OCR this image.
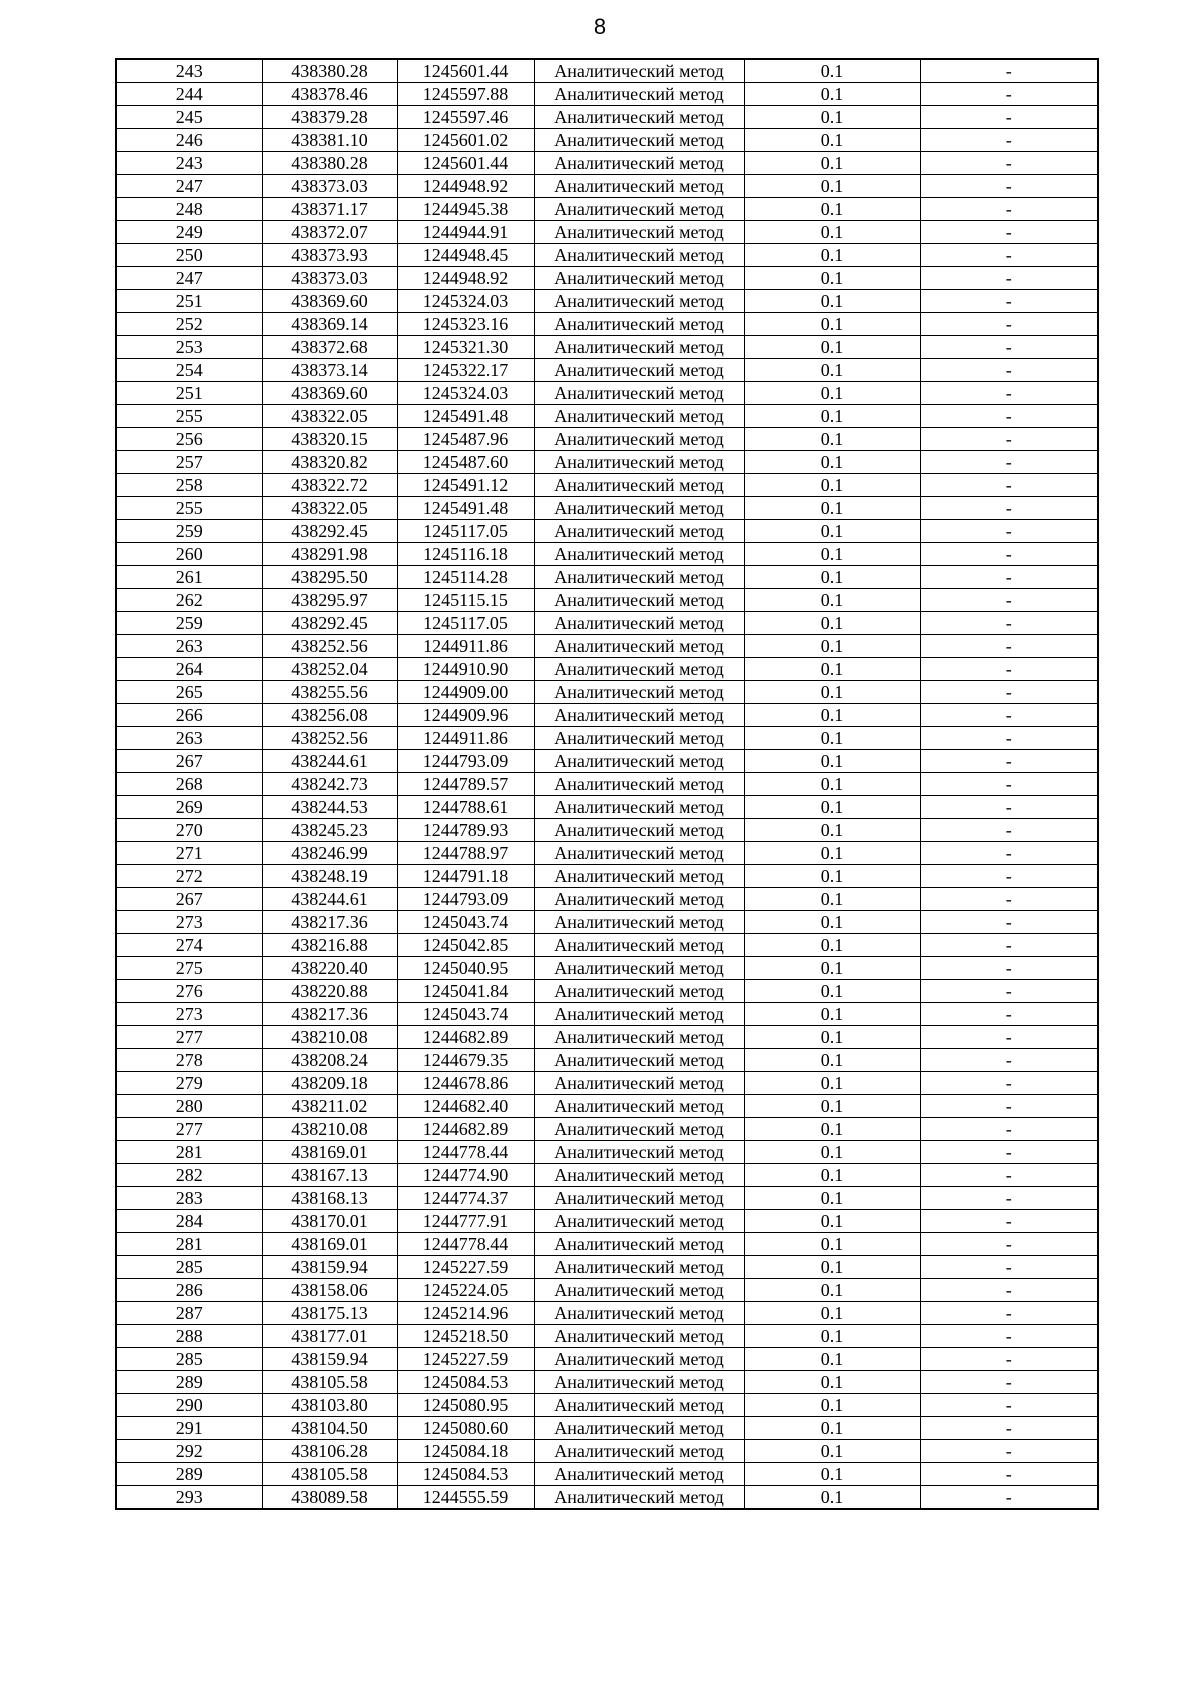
8
243	438380.28	1245601.44	Аналитический метод	0.1	-
244	438378.46	1245597.88	Аналитический метод	0.1	-
245	438379.28	1245597.46	Аналитический метод	0.1	-
246	438381.10	1245601.02	Аналитический метод	0.1	-
243	438380.28	1245601.44	Аналитический метод	0.1	-
247	438373.03	1244948.92	Аналитический метод	0.1	-
248	438371.17	1244945.38	Аналитический метод	0.1	-
249	438372.07	1244944.91	Аналитический метод	0.1	-
250	438373.93	1244948.45	Аналитический метод	0.1	-
247	438373.03	1244948.92	Аналитический метод	0.1	-
251	438369.60	1245324.03	Аналитический метод	0.1	-
252	438369.14	1245323.16	Аналитический метод	0.1	-
253	438372.68	1245321.30	Аналитический метод	0.1	-
254	438373.14	1245322.17	Аналитический метод	0.1	-
251	438369.60	1245324.03	Аналитический метод	0.1	-
255	438322.05	1245491.48	Аналитический метод	0.1	-
256	438320.15	1245487.96	Аналитический метод	0.1	-
257	438320.82	1245487.60	Аналитический метод	0.1	-
258	438322.72	1245491.12	Аналитический метод	0.1	-
255	438322.05	1245491.48	Аналитический метод	0.1	-
259	438292.45	1245117.05	Аналитический метод	0.1	-
260	438291.98	1245116.18	Аналитический метод	0.1	-
261	438295.50	1245114.28	Аналитический метод	0.1	-
262	438295.97	1245115.15	Аналитический метод	0.1	-
259	438292.45	1245117.05	Аналитический метод	0.1	-
263	438252.56	1244911.86	Аналитический метод	0.1	-
264	438252.04	1244910.90	Аналитический метод	0.1	-
265	438255.56	1244909.00	Аналитический метод	0.1	-
266	438256.08	1244909.96	Аналитический метод	0.1	-
263	438252.56	1244911.86	Аналитический метод	0.1	-
267	438244.61	1244793.09	Аналитический метод	0.1	-
268	438242.73	1244789.57	Аналитический метод	0.1	-
269	438244.53	1244788.61	Аналитический метод	0.1	-
270	438245.23	1244789.93	Аналитический метод	0.1	-
271	438246.99	1244788.97	Аналитический метод	0.1	-
272	438248.19	1244791.18	Аналитический метод	0.1	-
267	438244.61	1244793.09	Аналитический метод	0.1	-
273	438217.36	1245043.74	Аналитический метод	0.1	-
274	438216.88	1245042.85	Аналитический метод	0.1	-
275	438220.40	1245040.95	Аналитический метод	0.1	-
276	438220.88	1245041.84	Аналитический метод	0.1	-
273	438217.36	1245043.74	Аналитический метод	0.1	-
277	438210.08	1244682.89	Аналитический метод	0.1	-
278	438208.24	1244679.35	Аналитический метод	0.1	-
279	438209.18	1244678.86	Аналитический метод	0.1	-
280	438211.02	1244682.40	Аналитический метод	0.1	-
277	438210.08	1244682.89	Аналитический метод	0.1	-
281	438169.01	1244778.44	Аналитический метод	0.1	-
282	438167.13	1244774.90	Аналитический метод	0.1	-
283	438168.13	1244774.37	Аналитический метод	0.1	-
284	438170.01	1244777.91	Аналитический метод	0.1	-
281	438169.01	1244778.44	Аналитический метод	0.1	-
285	438159.94	1245227.59	Аналитический метод	0.1	-
286	438158.06	1245224.05	Аналитический метод	0.1	-
287	438175.13	1245214.96	Аналитический метод	0.1	-
288	438177.01	1245218.50	Аналитический метод	0.1	-
285	438159.94	1245227.59	Аналитический метод	0.1	-
289	438105.58	1245084.53	Аналитический метод	0.1	-
290	438103.80	1245080.95	Аналитический метод	0.1	-
291	438104.50	1245080.60	Аналитический метод	0.1	-
292	438106.28	1245084.18	Аналитический метод	0.1	-
289	438105.58	1245084.53	Аналитический метод	0.1	-
293	438089.58	1244555.59	Аналитический метод	0.1	-
